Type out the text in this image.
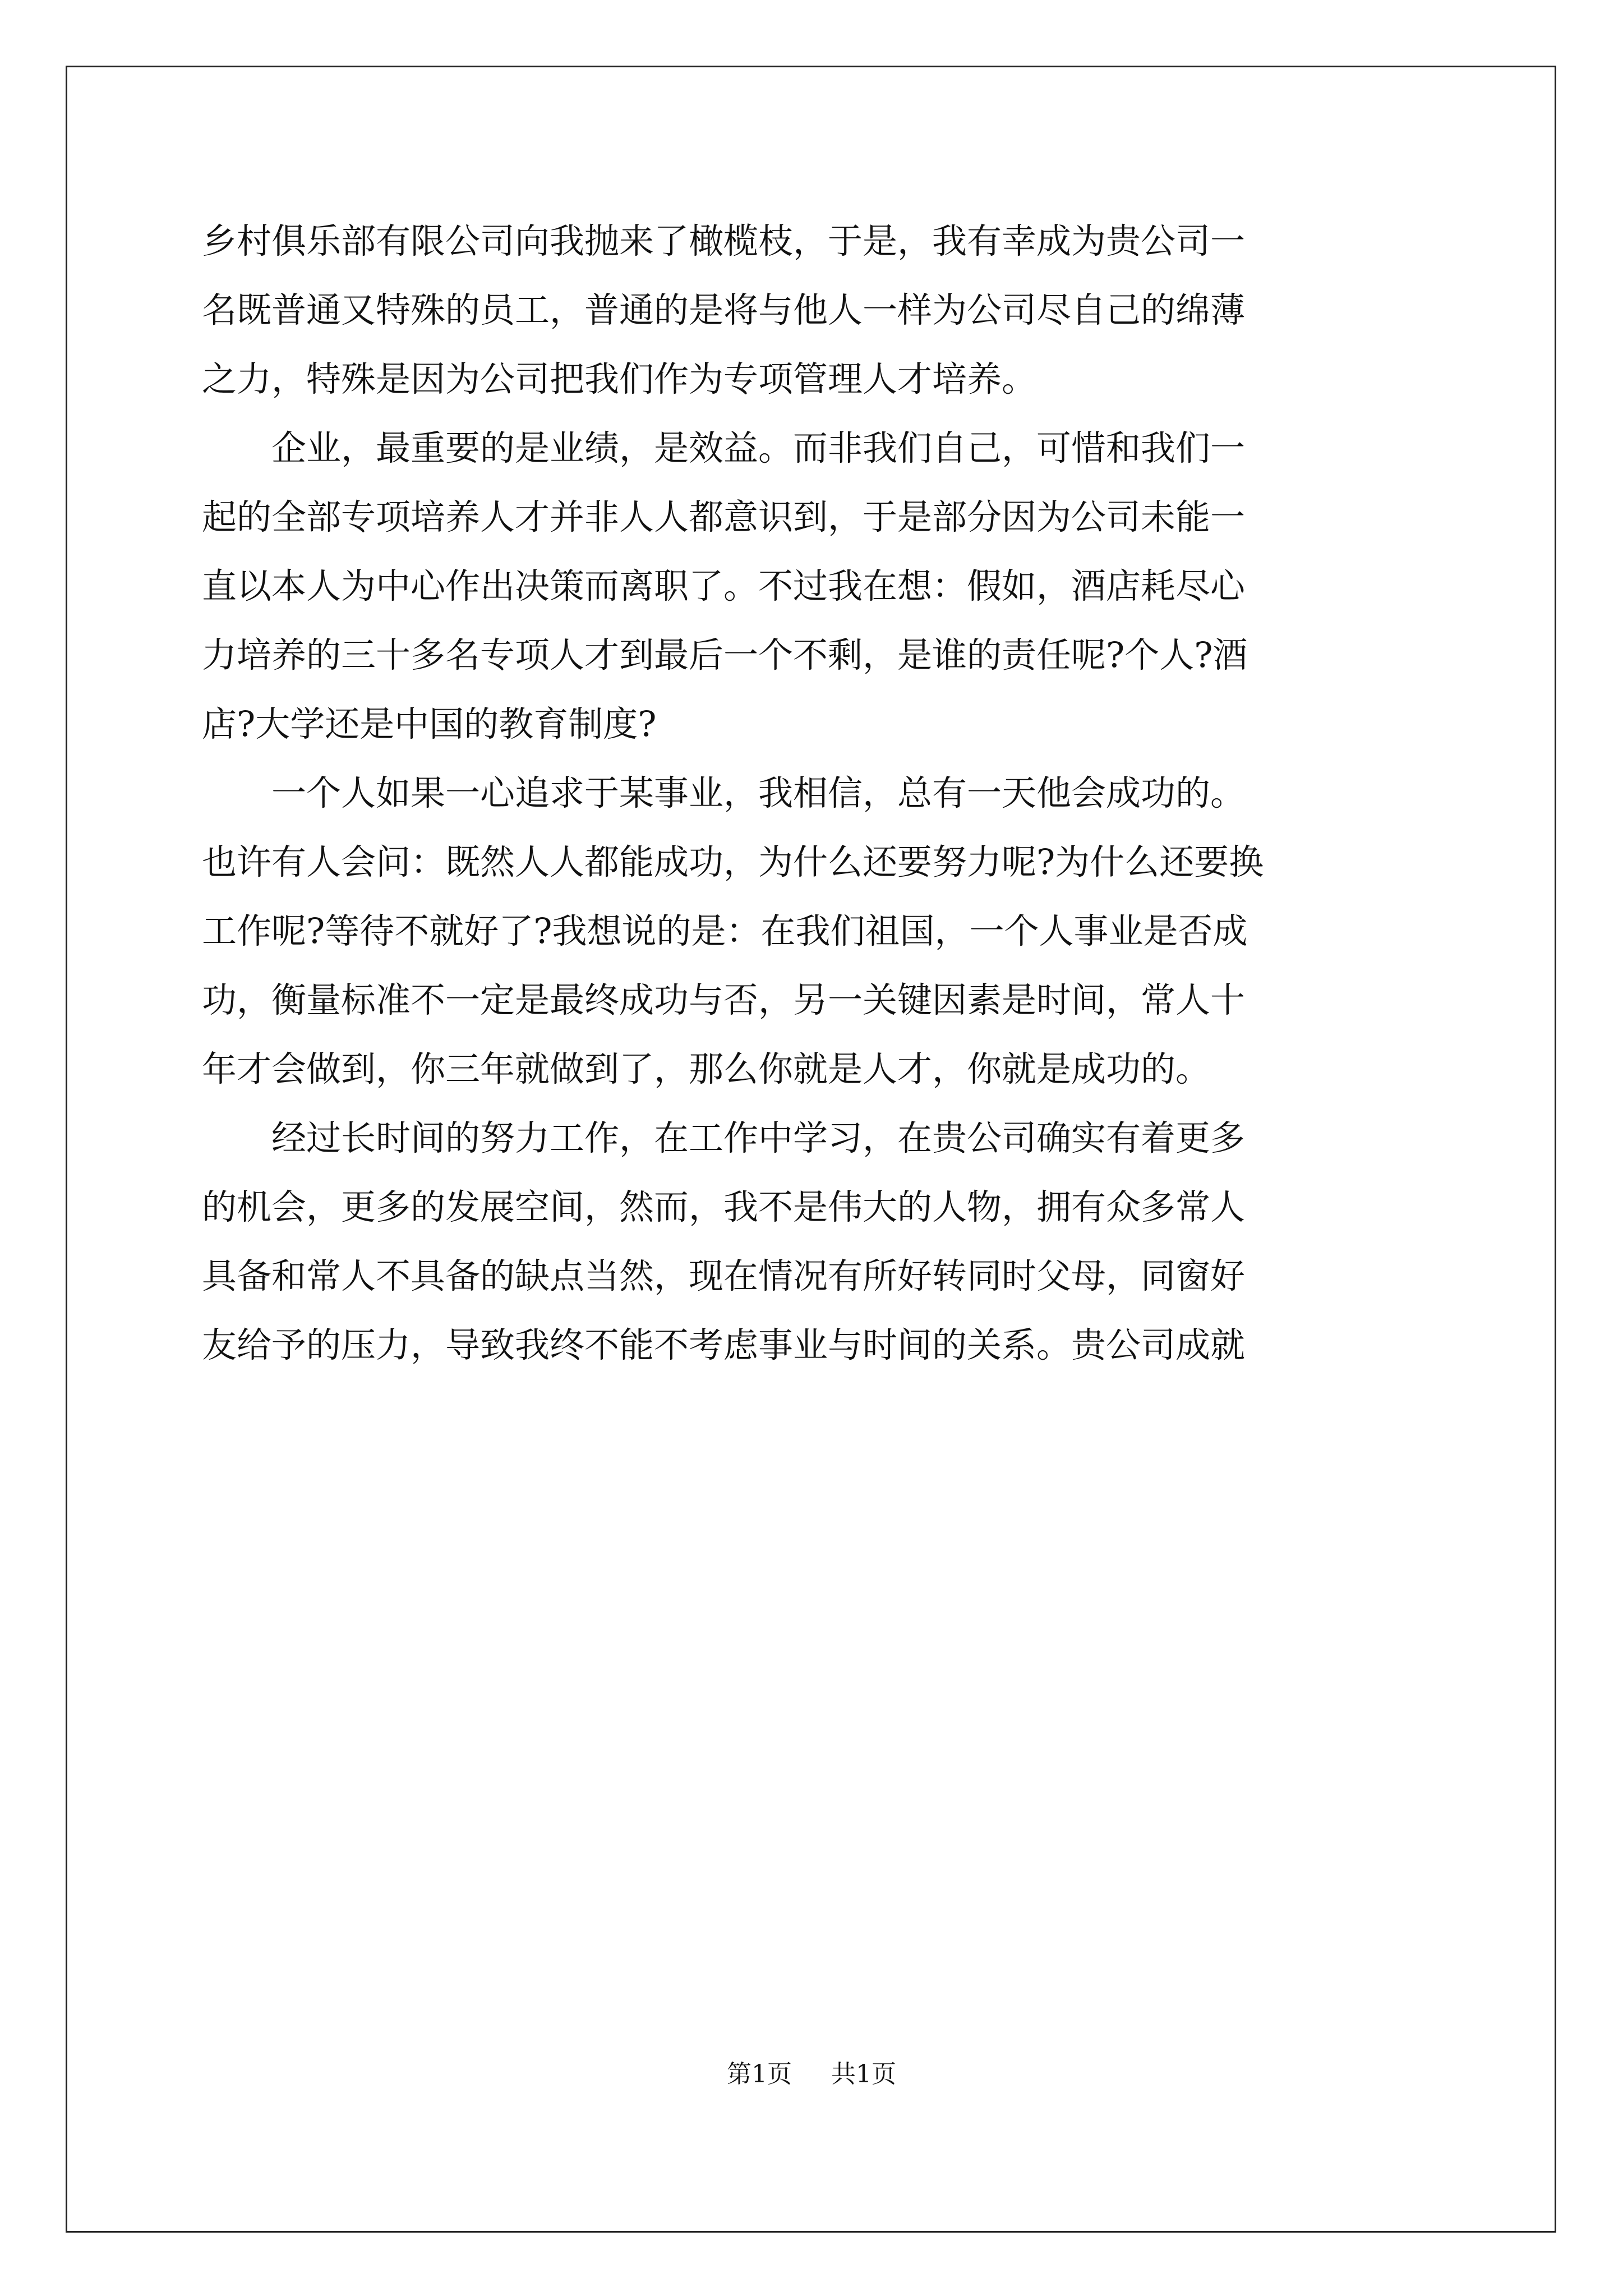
乡村俱乐部有限公司向我抛来了橄榄枝，于是，我有幸成为贵公司一
名既普通又特殊的员工，普通的是将与他人一样为公司尽自己的绵薄
之力，特殊是因为公司把我们作为专项管理人才培养。
　　企业，最重要的是业绩，是效益。而非我们自己，可惜和我们一
起的全部专项培养人才并非人人都意识到，于是部分因为公司未能一
直以本人为中心作出决策而离职了。不过我在想：假如，酒店耗尽心
力培养的三十多名专项人才到最后一个不剩，是谁的责任呢?个人?酒
店?大学还是中国的教育制度?
　　一个人如果一心追求于某事业，我相信，总有一天他会成功的。
也许有人会问：既然人人都能成功，为什么还要努力呢?为什么还要换
工作呢?等待不就好了?我想说的是：在我们祖国，一个人事业是否成
功，衡量标准不一定是最终成功与否，另一关键因素是时间，常人十
年才会做到，你三年就做到了，那么你就是人才，你就是成功的。
　　经过长时间的努力工作，在工作中学习，在贵公司确实有着更多
的机会，更多的发展空间，然而，我不是伟大的人物，拥有众多常人
具备和常人不具备的缺点当然，现在情况有所好转同时父母，同窗好
友给予的压力，导致我终不能不考虑事业与时间的关系。贵公司成就
第1页 共1页
